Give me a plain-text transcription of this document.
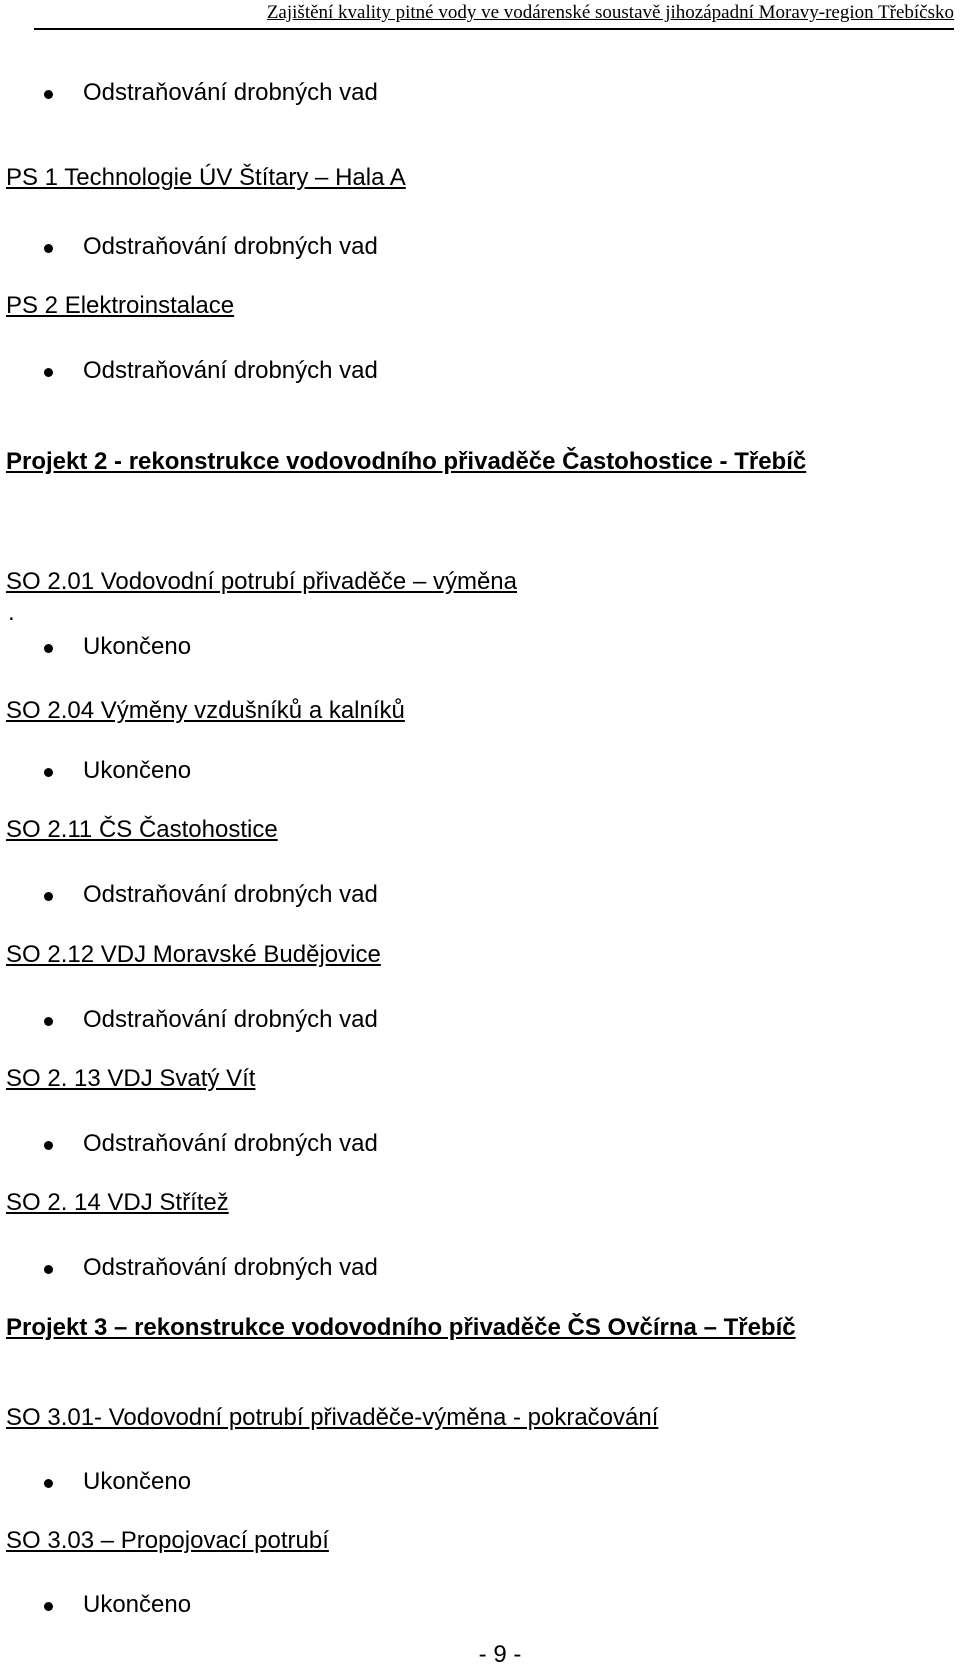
Zajištění kvality pitné vody ve vodárenské soustavě jihozápadní Moravy-region Třebíčsko
Odstraňování drobných vad
PS 1 Technologie ÚV Štítary – Hala A
Odstraňování drobných vad
PS 2 Elektroinstalace
Odstraňování drobných vad
Projekt 2 - rekonstrukce vodovodního přivaděče Častohostice - Třebíč
SO 2.01 Vodovodní potrubí přivaděče – výměna
.
Ukončeno
SO 2.04 Výměny vzdušníků a kalníků
Ukončeno
SO 2.11 ČS Častohostice
Odstraňování drobných vad
SO 2.12 VDJ Moravské Budějovice
Odstraňování drobných vad
SO 2. 13 VDJ Svatý Vít
Odstraňování drobných vad
SO 2. 14 VDJ Střítež
Odstraňování drobných vad
Projekt 3 – rekonstrukce vodovodního přivaděče ČS Ovčírna – Třebíč
SO 3.01- Vodovodní potrubí přivaděče-výměna - pokračování
Ukončeno
SO 3.03 – Propojovací potrubí
Ukončeno
- 9 -
